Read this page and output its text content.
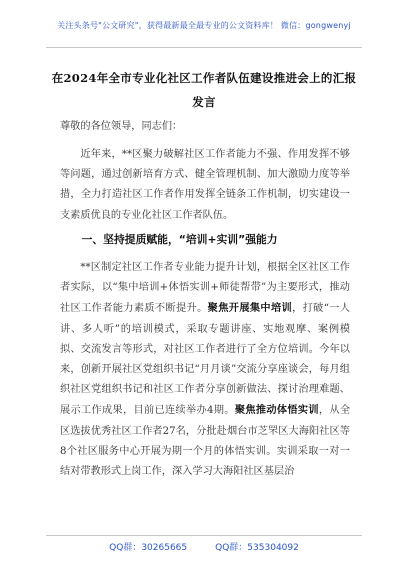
关注头条号"公文研究"，获得最新最全最专业的公文资料库！ 微信：gongwenyj
在2024年全市专业化社区工作者队伍建设推进会上的汇报
发言
尊敬的各位领导，同志们：

近年来，**区聚力破解社区工作者能力不强、作用发挥不够等问题，通过创新培育方式、健全管理机制、加大激励力度等举措，全力打造社区工作者作用发挥全链条工作机制，切实建设一支素质优良的专业化社区工作者队伍。

一、坚持提质赋能，“培训+实训”强能力

**区制定社区工作者专业能力提升计划，根据全区社区工作者实际，以“集中培训+体悟实训+师徒帮带”为主要形式，推动社区工作者能力素质不断提升。聚焦开展集中培训，打破“一人讲、多人听”的培训模式，采取专题讲座、实地观摩、案例模拟、交流发言等形式，对社区工作者进行了全方位培训。今年以来，创新开展社区党组织书记“月月谈”交流分享座谈会，每月组织社区党组织书记和社区工作者分享创新做法、探讨治理难题、展示工作成果，目前已连续举办4期。聚焦推动体悟实训，从全区选拔优秀社区工作者27名，分批赴烟台市芝罘区大海阳社区等8个社区服务中心开展为期一个月的体悟实训。实训采取一对一结对带教形式上岗工作，深入学习大海阳社区基层治

QQ群：30265665	QQ群：535304092
